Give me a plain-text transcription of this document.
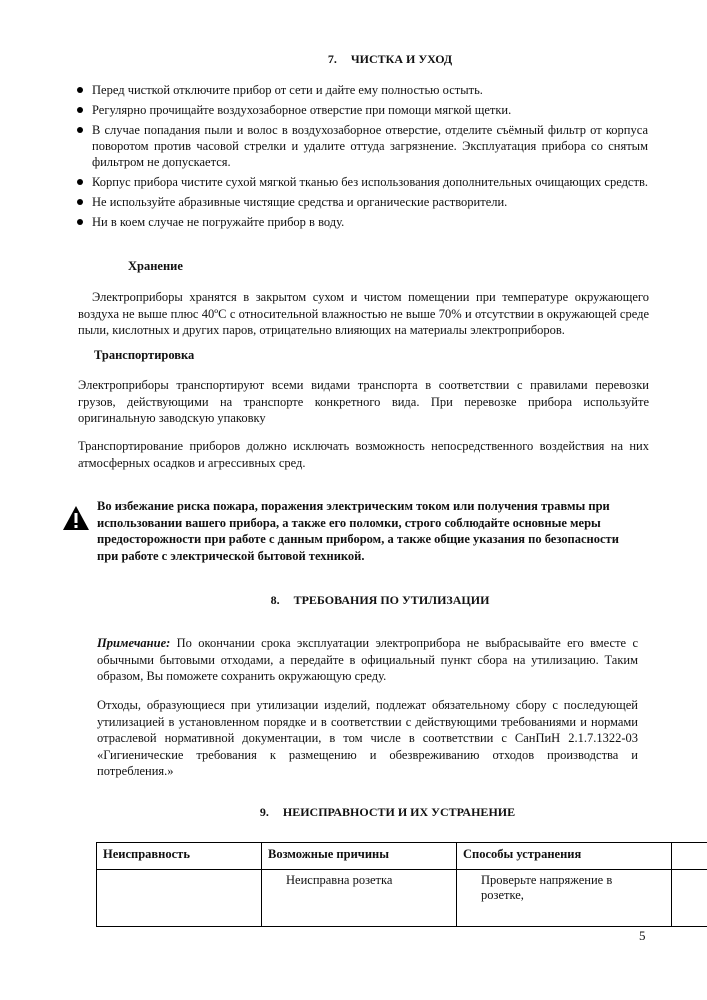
7. ЧИСТКА И УХОД
Перед чисткой отключите прибор от сети и дайте ему полностью остыть.
Регулярно прочищайте воздухозаборное отверстие при помощи мягкой щетки.
В случае попадания пыли и волос в воздухозаборное отверстие, отделите съёмный фильтр от корпуса поворотом против часовой стрелки и удалите оттуда загрязнение. Эксплуатация прибора со снятым фильтром не допускается.
Корпус прибора чистите сухой мягкой тканью без использования дополнительных очищающих средств.
Не используйте абразивные чистящие средства и органические растворители.
Ни в коем случае не погружайте прибор в воду.
Хранение
Электроприборы хранятся в закрытом сухом и чистом помещении при температуре окружающего воздуха не выше плюс 40ºС с относительной влажностью не выше 70% и отсутствии в окружающей среде пыли, кислотных и других паров, отрицательно влияющих на материалы электроприборов.
Транспортировка
Электроприборы транспортируют всеми видами транспорта в соответствии с правилами перевозки грузов, действующими на транспорте конкретного вида. При перевозке прибора используйте оригинальную заводскую упаковку
Транспортирование приборов должно исключать возможность непосредственного воздействия на них атмосферных осадков и агрессивных сред.
Во избежание риска пожара, поражения электрическим током или получения травмы при использовании вашего прибора, а также его поломки, строго соблюдайте основные меры предосторожности при работе с данным прибором, а также общие указания по безопасности при работе с электрической бытовой техникой.
8. ТРЕБОВАНИЯ ПО УТИЛИЗАЦИИ
Примечание: По окончании срока эксплуатации электроприбора не выбрасывайте его вместе с обычными бытовыми отходами, а передайте в официальный пункт сбора на утилизацию. Таким образом, Вы поможете сохранить окружающую среду.
Отходы, образующиеся при утилизации изделий, подлежат обязательному сбору с последующей утилизацией в установленном порядке и в соответствии с действующими требованиями и нормами отраслевой нормативной документации, в том числе в соответствии с СанПиН 2.1.7.1322-03 «Гигиенические требования к размещению и обезвреживанию отходов производства и потребления.»
9. НЕИСПРАВНОСТИ И ИХ УСТРАНЕНИЕ
Неисправность	Возможные причины	Способы устранения	
	Неисправна розетка	Проверьте напряжение в розетке,	
5
